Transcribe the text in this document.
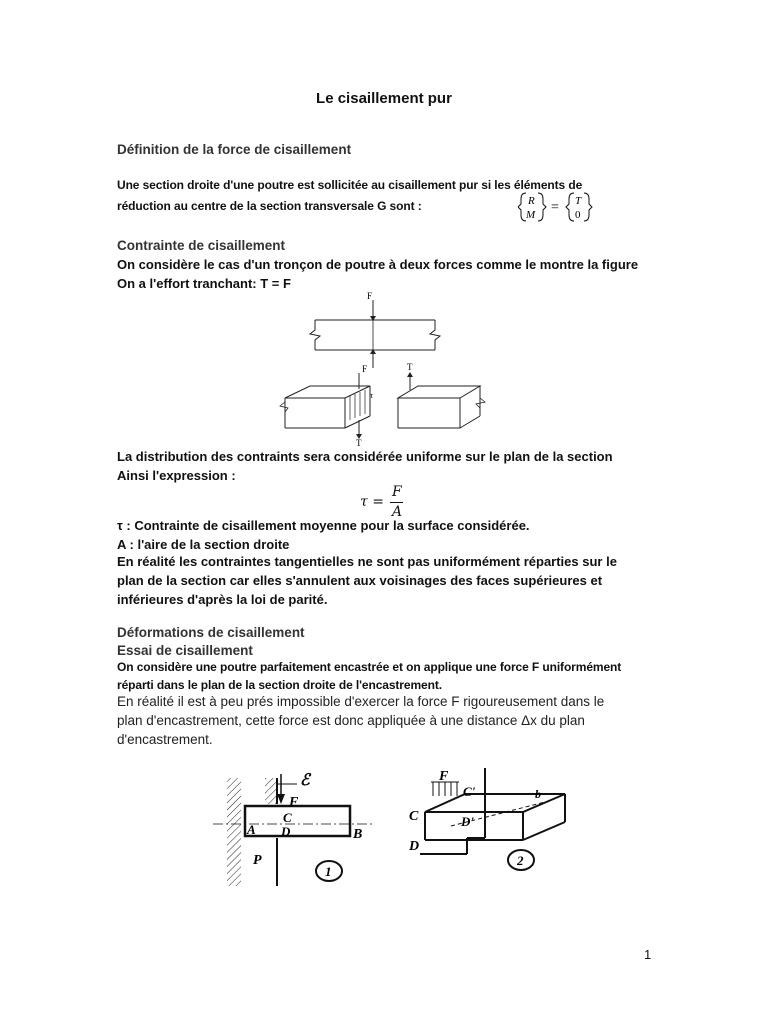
Le cisaillement pur
Définition de la force de cisaillement
Une section droite d'une poutre est sollicitée au cisaillement pur si les éléments de
réduction au centre de la section transversale G sont :	R
M = T
0
Contrainte de cisaillement
On considère le cas d'un tronçon de poutre à deux forces comme le montre la figure
On a l'effort tranchant: T = F
F
F
τ
T
T
La distribution des contraints sera considérée uniforme sur le plan de la section
Ainsi l'expression :
τ =
F
A
τ : Contrainte de cisaillement moyenne pour la surface considérée.
A : l'aire de la section droite
En réalité les contraintes tangentielles ne sont pas uniformément réparties sur le
plan de la section car elles s'annulent aux voisinages des faces supérieures et
inférieures d'après la loi de parité.
Déformations de cisaillement
Essai de cisaillement
On considère une poutre parfaitement encastrée et on applique une force F uniformément
réparti dans le plan de la section droite de l'encastrement.
En réalité il est à peu prés impossible d'exercer la force F rigoureusement dans le
plan d'encastrement, cette force est donc appliquée à une distance Δx du plan
d'encastrement.
ℰ
F
C
A D	B
P
1
F
C'
D'
C
D
b
2
1
